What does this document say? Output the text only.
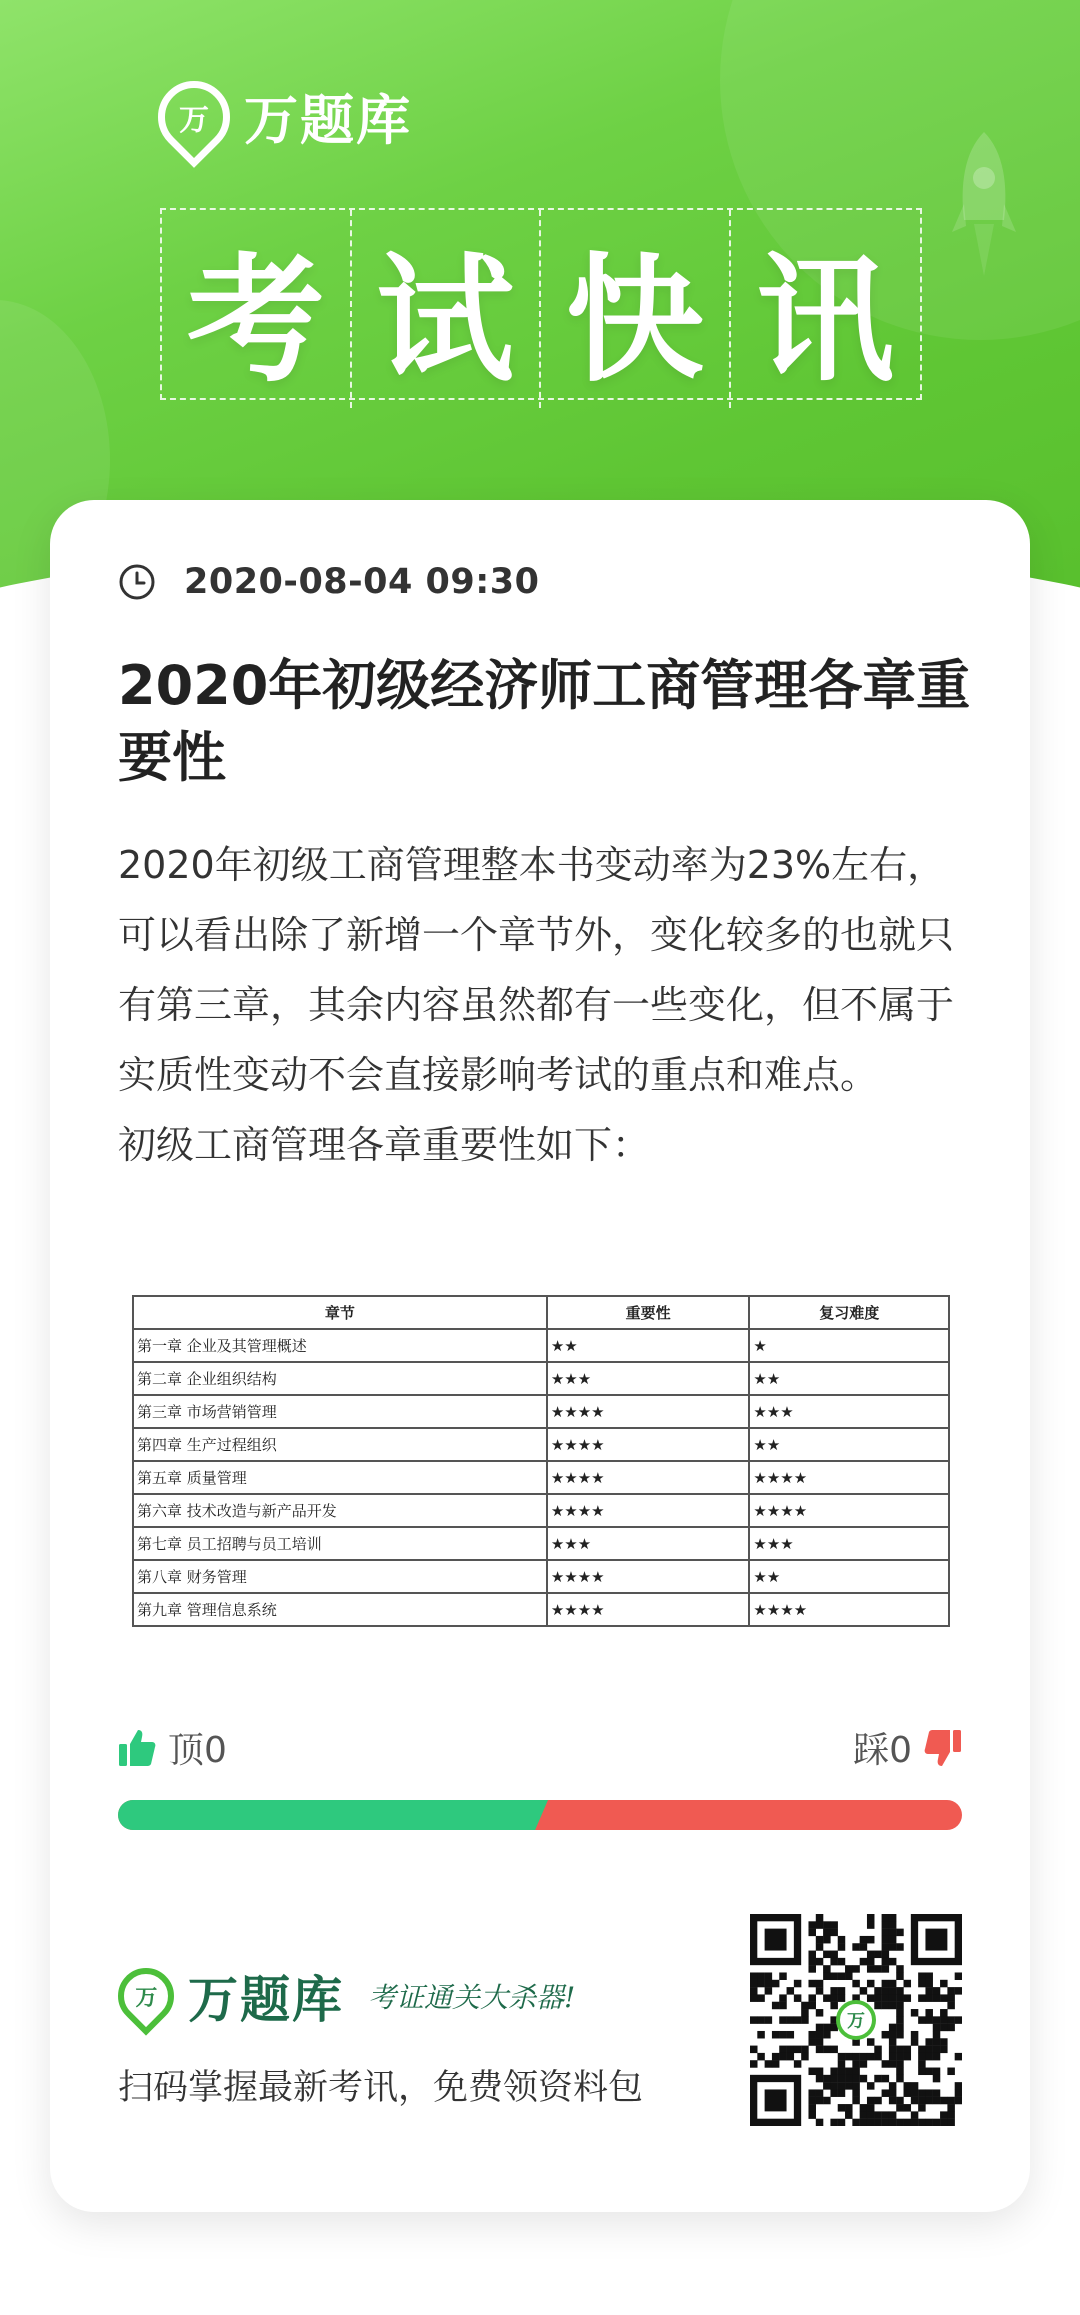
万 万题库
考 试 快 讯
2020-08-04 09:30
2020年初级经济师工商管理各章重要性

2020年初级工商管理整本书变动率为23%左右，可以看出除了新增一个章节外，变化较多的也就只有第三章，其余内容虽然都有一些变化，但不属于实质性变动不会直接影响考试的重点和难点。

初级工商管理各章重要性如下：

章节	重要性	复习难度
第一章 企业及其管理概述	★★	★
第二章 企业组织结构	★★★	★★
第三章 市场营销管理	★★★★	★★★
第四章 生产过程组织	★★★★	★★
第五章 质量管理	★★★★	★★★★
第六章 技术改造与新产品开发	★★★★	★★★★
第七章 员工招聘与员工培训	★★★	★★★
第八章 财务管理	★★★★	★★
第九章 管理信息系统	★★★★	★★★★
顶0	踩0
万 万题库 考证通关大杀器!
扫码掌握最新考讯，免费领资料包
万
